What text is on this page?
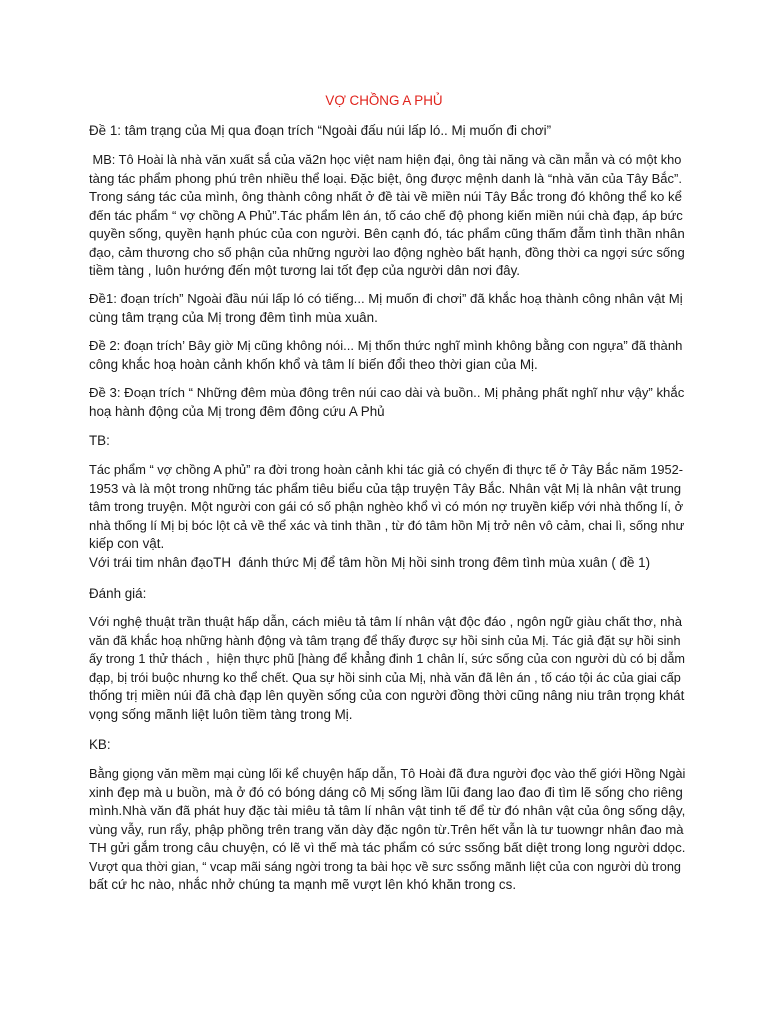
VỢ CHỒNG A PHỦ
Đề 1: tâm trạng của Mị qua đoạn trích “Ngoài đấu núi lấp ló.. Mị muốn đi chơi”
MB: Tô Hoài là nhà văn xuất sắ của vă2n học việt nam hiện đại, ông tài năng và cần mẫn và có một kho
tàng tác phẩm phong phú trên nhiều thể loại. Đặc biệt, ông được mệnh danh là “nhà văn của Tây Bắc”.
Trong sáng tác của mình, ông thành công nhất ở đề tài về miền núi Tây Bắc trong đó không thể ko kể
đến tác phẩm “ vợ chồng A Phủ”.Tác phẩm lên án, tố cáo chế độ phong kiến miền núi chà đạp, áp bức
quyền sống, quyền hạnh phúc của con người. Bên cạnh đó, tác phẩm cũng thấm đẫm tình thần nhân
đạo, cảm thương cho số phận của những người lao động nghèo bất hạnh, đồng thời ca ngợi sức sống
tiềm tàng , luôn hướng đến một tương lai tốt đẹp của người dân nơi đây.
Đề1: đoạn trích” Ngoài đầu núi lấp ló có tiếng... Mị muốn đi chơi” đã khắc hoạ thành công nhân vật Mị
cùng tâm trạng của Mị trong đêm tình mùa xuân.
Đề 2: đoạn trích’ Bây giờ Mị cũng không nói... Mị thốn thức nghĩ mình không bằng con ngựa” đã thành
công khắc hoạ hoàn cảnh khốn khổ và tâm lí biến đổi theo thời gian của Mị.
Đề 3: Đoạn trích “ Những đêm mùa đông trên núi cao dài và buồn.. Mị phảng phất nghĩ như vậy” khắc
hoạ hành động của Mị trong đêm đông cứu A Phủ
TB:
Tác phẩm “ vợ chồng A phủ” ra đời trong hoàn cảnh khi tác giả có chyến đi thực tế ở Tây Bắc năm 1952-
1953 và là một trong những tác phẩm tiêu biểu của tập truyện Tây Bắc. Nhân vật Mị là nhân vật trung
tâm trong truyện. Một người con gái có số phận nghèo khổ vì có món nợ truyền kiếp với nhà thống lí, ở
nhà thống lí Mị bị bóc lột cả về thể xác và tinh thần , từ đó tâm hồn Mị trở nên vô cảm, chai lì, sống như
kiếp con vật.
Với trái tim nhân đạoTH  đánh thức Mị để tâm hồn Mị hồi sinh trong đêm tình mùa xuân ( đề 1)
Đánh giá:
Với nghệ thuật trần thuật hấp dẫn, cách miêu tả tâm lí nhân vật độc đáo , ngôn ngữ giàu chất thơ, nhà
văn đã khắc hoạ những hành động và tâm trạng để thấy được sự hồi sinh của Mị. Tác giả đặt sự hồi sinh
ấy trong 1 thử thách ,  hiện thực phũ [hàng để khẳng đinh 1 chân lí, sức sống của con người dù có bị dẫm
đạp, bị trói buộc nhưng ko thể chết. Qua sự hồi sinh của Mị, nhà văn đã lên án , tố cáo tội ác của giai cấp
thống trị miền núi đã chà đạp lên quyền sống của con người đồng thời cũng nâng niu trân trọng khát
vọng sống mãnh liệt luôn tiềm tàng trong Mị.
KB:
Bằng giọng văn mềm mại cùng lối kể chuyện hấp dẫn, Tô Hoài đã đưa người đọc vào thế giới Hồng Ngài
xinh đẹp mà u buồn, mà ở đó có bóng dáng cô Mị sống lầm lũi đang lao đao đi tìm lẽ sống cho riêng
mình.Nhà văn đã phát huy đặc tài miêu tả tâm lí nhân vật tinh tế để từ đó nhân vật của ông sống dậy,
vùng vẫy, run rẩy, phập phồng trên trang văn dày đặc ngôn từ.Trên hết vẫn là tư tuowngr nhân đao mà
TH gửi gắm trong câu chuyện, có lẽ vì thế mà tác phẩm có sức ssống bất diệt trong long người ddọc.
Vượt qua thời gian, “ vcap mãi sáng ngời trong ta bài học về sưc ssống mãnh liệt của con người dù trong
bất cứ hc nào, nhắc nhở chúng ta mạnh mẽ vượt lên khó khăn trong cs.
